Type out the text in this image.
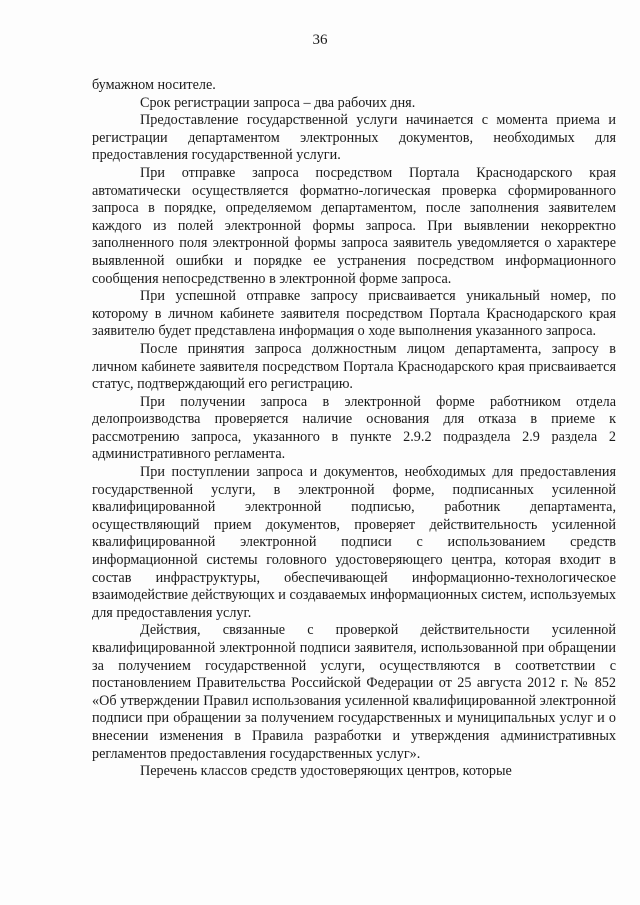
36

бумажном носителе.

Срок регистрации запроса – два рабочих дня.

Предоставление государственной услуги начинается с момента приема и регистрации департаментом электронных документов, необходимых для предоставления государственной услуги.

При отправке запроса посредством Портала Краснодарского края автоматически осуществляется форматно-логическая проверка сформированного запроса в порядке, определяемом департаментом, после заполнения заявителем каждого из полей электронной формы запроса. При выявлении некорректно заполненного поля электронной формы запроса заявитель уведомляется о характере выявленной ошибки и порядке ее устранения посредством информационного сообщения непосредственно в электронной форме запроса.

При успешной отправке запросу присваивается уникальный номер, по которому в личном кабинете заявителя посредством Портала Краснодарского края заявителю будет представлена информация о ходе выполнения указанного запроса.

После принятия запроса должностным лицом департамента, запросу в личном кабинете заявителя посредством Портала Краснодарского края присваивается статус, подтверждающий его регистрацию.

При получении запроса в электронной форме работником отдела делопроизводства проверяется наличие основания для отказа в приеме к рассмотрению запроса, указанного в пункте 2.9.2 подраздела 2.9 раздела 2 административного регламента.

При поступлении запроса и документов, необходимых для предоставления государственной услуги, в электронной форме, подписанных усиленной квалифицированной электронной подписью, работник департамента, осуществляющий прием документов, проверяет действительность усиленной квалифицированной электронной подписи с использованием средств информационной системы головного удостоверяющего центра, которая входит в состав инфраструктуры, обеспечивающей информационно-технологическое взаимодействие действующих и создаваемых информационных систем, используемых для предоставления услуг.

Действия, связанные с проверкой действительности усиленной квалифицированной электронной подписи заявителя, использованной при обращении за получением государственной услуги, осуществляются в соответствии с постановлением Правительства Российской Федерации от 25 августа 2012 г. № 852 «Об утверждении Правил использования усиленной квалифицированной электронной подписи при обращении за получением государственных и муниципальных услуг и о внесении изменения в Правила разработки и утверждения административных регламентов предоставления государственных услуг».

Перечень классов средств удостоверяющих центров, которые
